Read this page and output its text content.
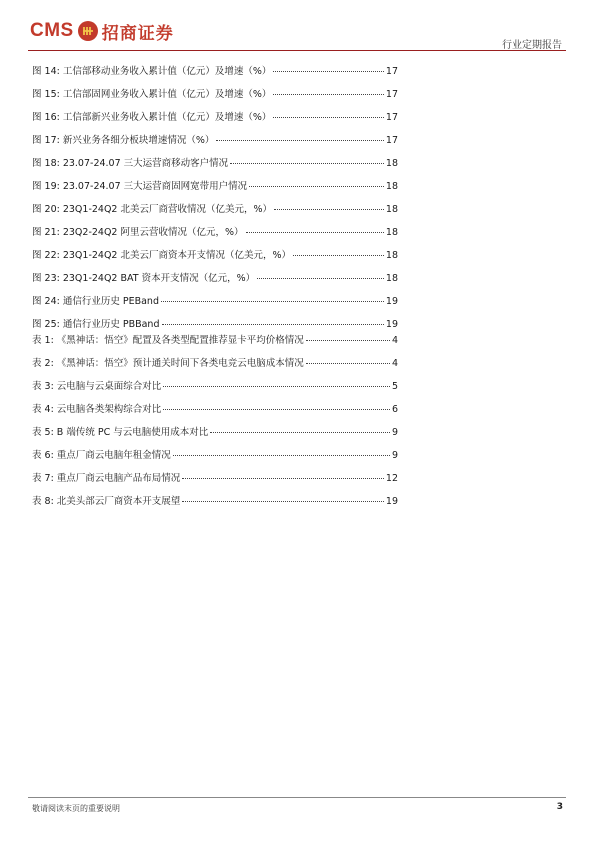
CMS 招商证券
行业定期报告
图 14: 工信部移动业务收入累计值（亿元）及增速（%）	17
图 15: 工信部固网业务收入累计值（亿元）及增速（%）	17
图 16: 工信部新兴业务收入累计值（亿元）及增速（%）	17
图 17: 新兴业务各细分板块增速情况（%）	17
图 18: 23.07-24.07 三大运营商移动客户情况	18
图 19: 23.07-24.07 三大运营商固网宽带用户情况	18
图 20: 23Q1-24Q2 北美云厂商营收情况（亿美元，%）	18
图 21: 23Q2-24Q2 阿里云营收情况（亿元，%）	18
图 22: 23Q1-24Q2 北美云厂商资本开支情况（亿美元，%）	18
图 23: 23Q1-24Q2 BAT 资本开支情况（亿元，%）	18
图 24: 通信行业历史 PEBand	19
图 25: 通信行业历史 PBBand	19
表 1: 《黑神话：悟空》配置及各类型配置推荐显卡平均价格情况	4
表 2: 《黑神话：悟空》预计通关时间下各类电竞云电脑成本情况	4
表 3: 云电脑与云桌面综合对比	5
表 4: 云电脑各类架构综合对比	6
表 5: B 端传统 PC 与云电脑使用成本对比	9
表 6: 重点厂商云电脑年租金情况	9
表 7: 重点厂商云电脑产品布局情况	12
表 8: 北美头部云厂商资本开支展望	19
敬请阅读末页的重要说明	3
